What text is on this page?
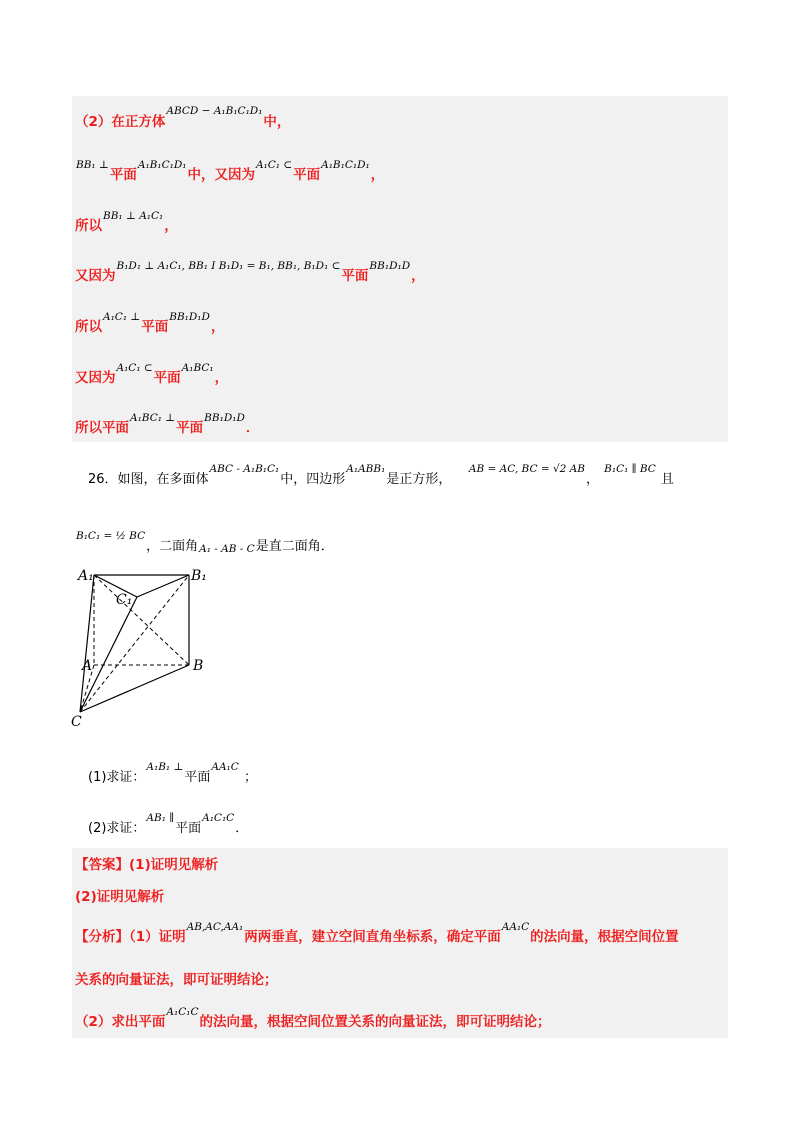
（2）在正方体$^{ABCD - A_1B_1C_1D_1}$中，
$^{BB_1 \perp}$平面$^{A_1B_1C_1D_1}$中，又因为$^{A_1C_1 \subset}$平面$^{A_1B_1C_1D_1}$，
所以$^{BB_1 \perp A_1C_1}$，
又因为$^{B_1D_1 \perp A_1C_1, BB_1 I B_1D_1 = B_1, BB_1, B_1D_1 \subset}$平面$^{BB_1D_1D}$，
所以$^{A_1C_1 \perp}$平面$^{BB_1D_1D}$，
又因为$^{A_1C_1 \subset}$平面$^{A_1BC_1}$，
所以平面$^{A_1BC_1 \perp}$平面$^{BB_1D_1D}$．
26．如图，在多面体$^{ABC - A_1B_1C_1}$中，四边形$^{A_1ABB_1}$是正方形，    $^{AB = AC, BC = √2 AB}$， $^{B_1C_1 \parallel BC}$ 且
$^{B_1C_1 = \frac{1}{2} BC}$，二面角A₁ - AB - C是直二面角．
A₁	B₁
C₁
A	B
C
(1)求证：$^{A_1B_1 \perp}$平面$^{AA_1C}$ ；
(2)求证：$^{AB_1 \parallel}$平面$^{A_1C_1C}$．
【答案】(1)证明见解析
(2)证明见解析
【分析】（1）证明$^{AB,AC,AA_1}$两两垂直，建立空间直角坐标系，确定平面$^{AA_1C}$的法向量，根据空间位置
关系的向量证法，即可证明结论；
（2）求出平面$^{A_1C_1C}$的法向量，根据空间位置关系的向量证法，即可证明结论；
